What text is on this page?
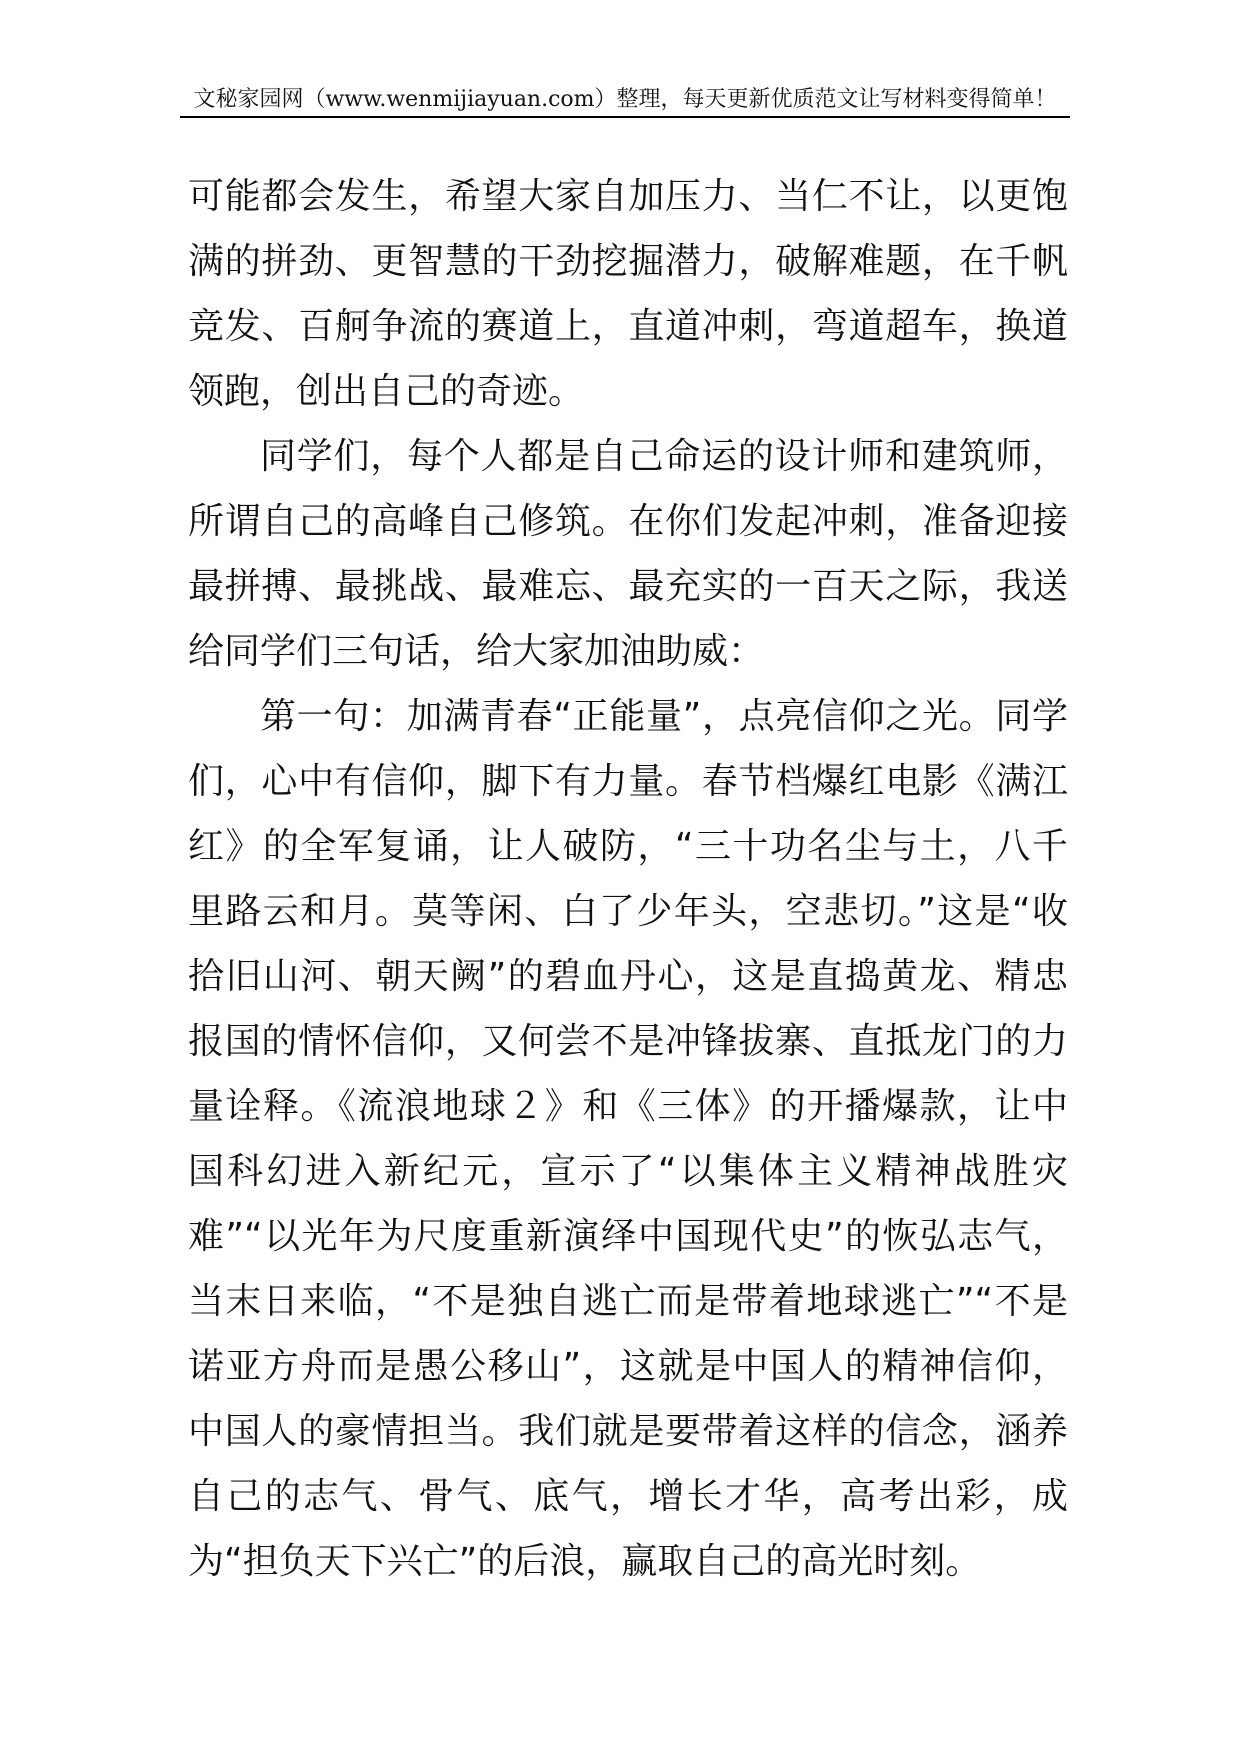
文秘家园网（www.wenmijiayuan.com）整理，每天更新优质范文让写材料变得简单！

可能都会发生，希望大家自加压力、当仁不让，以更饱满的拼劲、更智慧的干劲挖掘潜力，破解难题，在千帆竞发、百舸争流的赛道上，直道冲刺，弯道超车，换道领跑，创出自己的奇迹。

同学们，每个人都是自己命运的设计师和建筑师，所谓自己的高峰自己修筑。在你们发起冲刺，准备迎接最拼搏、最挑战、最难忘、最充实的一百天之际，我送给同学们三句话，给大家加油助威：

第一句：加满青春“正能量”，点亮信仰之光。同学们，心中有信仰，脚下有力量。春节档爆红电影《满江红》的全军复诵，让人破防，“三十功名尘与土，八千里路云和月。莫等闲、白了少年头，空悲切。”这是“收拾旧山河、朝天阙”的碧血丹心，这是直捣黄龙、精忠报国的情怀信仰，又何尝不是冲锋拔寨、直抵龙门的力量诠释。《流浪地球２》和《三体》的开播爆款，让中国科幻进入新纪元，宣示了“以集体主义精神战胜灾难”“以光年为尺度重新演绎中国现代史”的恢弘志气，当末日来临，“不是独自逃亡而是带着地球逃亡”“不是诺亚方舟而是愚公移山”，这就是中国人的精神信仰，中国人的豪情担当。我们就是要带着这样的信念，涵养自己的志气、骨气、底气，增长才华，高考出彩，成为“担负天下兴亡”的后浪，赢取自己的高光时刻。
